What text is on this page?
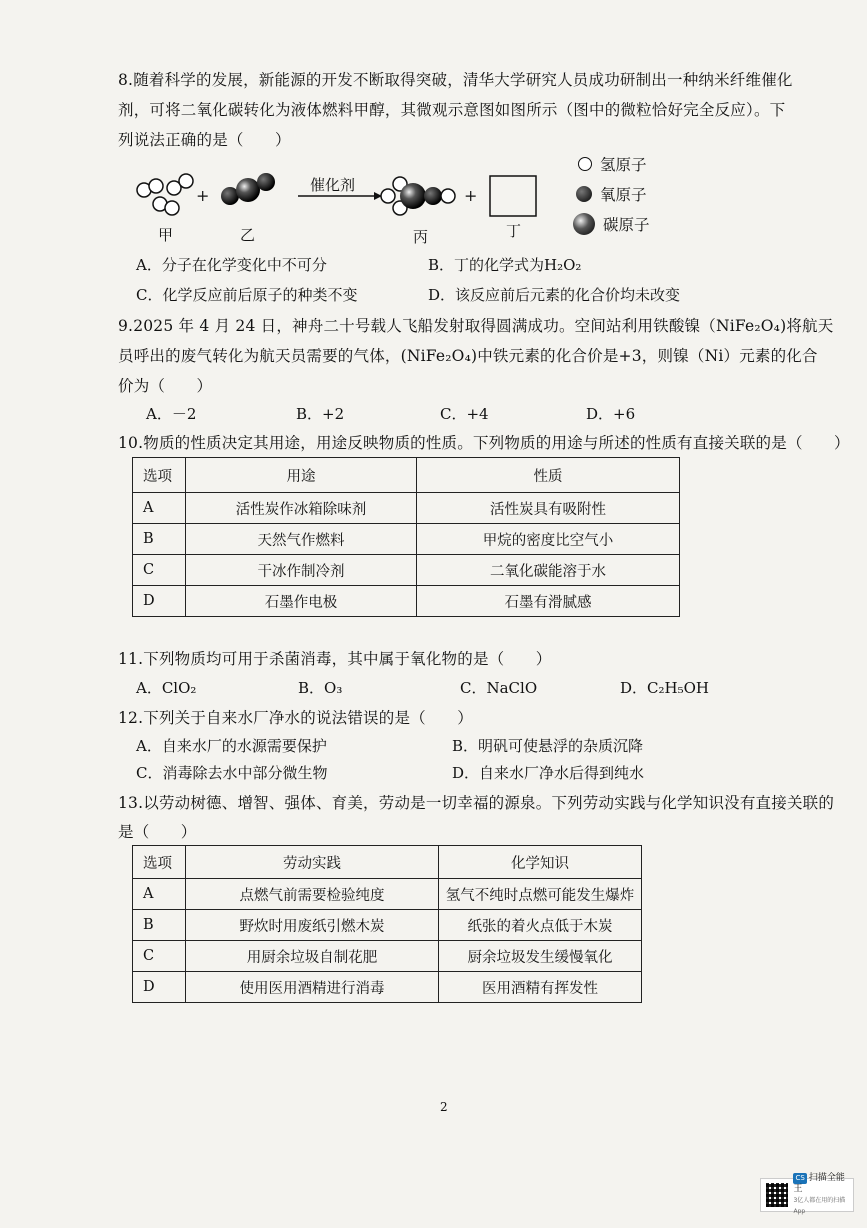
8.随着科学的发展，新能源的开发不断取得突破，清华大学研究人员成功研制出一种纳米纤维催化
剂，可将二氧化碳转化为液体燃料甲醇，其微观示意图如图所示（图中的微粒恰好完全反应）。下
列说法正确的是（　　）
催化剂
+	+
甲	乙	丙	丁
氢原子
氧原子
碳原子
A．分子在化学变化中不可分	B．丁的化学式为H₂O₂
C．化学反应前后原子的种类不变	D．该反应前后元素的化合价均未改变
9.2025 年 4 月 24 日，神舟二十号载人飞船发射取得圆满成功。空间站利用铁酸镍（NiFe₂O₄)将航天
员呼出的废气转化为航天员需要的气体，(NiFe₂O₄)中铁元素的化合价是+3，则镍（Ni）元素的化合
价为（　　）
A．－2	B．+2	C．+4	D．+6
10.物质的性质决定其用途，用途反映物质的性质。下列物质的用途与所述的性质有直接关联的是（　　）
选项	用途	性质
A	活性炭作冰箱除味剂	活性炭具有吸附性
B	天然气作燃料	甲烷的密度比空气小
C	干冰作制冷剂	二氧化碳能溶于水
D	石墨作电极	石墨有滑腻感
11.下列物质均可用于杀菌消毒，其中属于氧化物的是（　　）
A．ClO₂	B．O₃	C．NaClO	D．C₂H₅OH
12.下列关于自来水厂净水的说法错误的是（　　）
A．自来水厂的水源需要保护	B．明矾可使悬浮的杂质沉降
C．消毒除去水中部分微生物	D．自来水厂净水后得到纯水
13.以劳动树德、增智、强体、育美，劳动是一切幸福的源泉。下列劳动实践与化学知识没有直接关联的
是（　　）
选项	劳动实践	化学知识
A	点燃气前需要检验纯度	氢气不纯时点燃可能发生爆炸
B	野炊时用废纸引燃木炭	纸张的着火点低于木炭
C	用厨余垃圾自制花肥	厨余垃圾发生缓慢氧化
D	使用医用酒精进行消毒	医用酒精有挥发性
2
CS 扫描全能王
3亿人都在用的扫描App
